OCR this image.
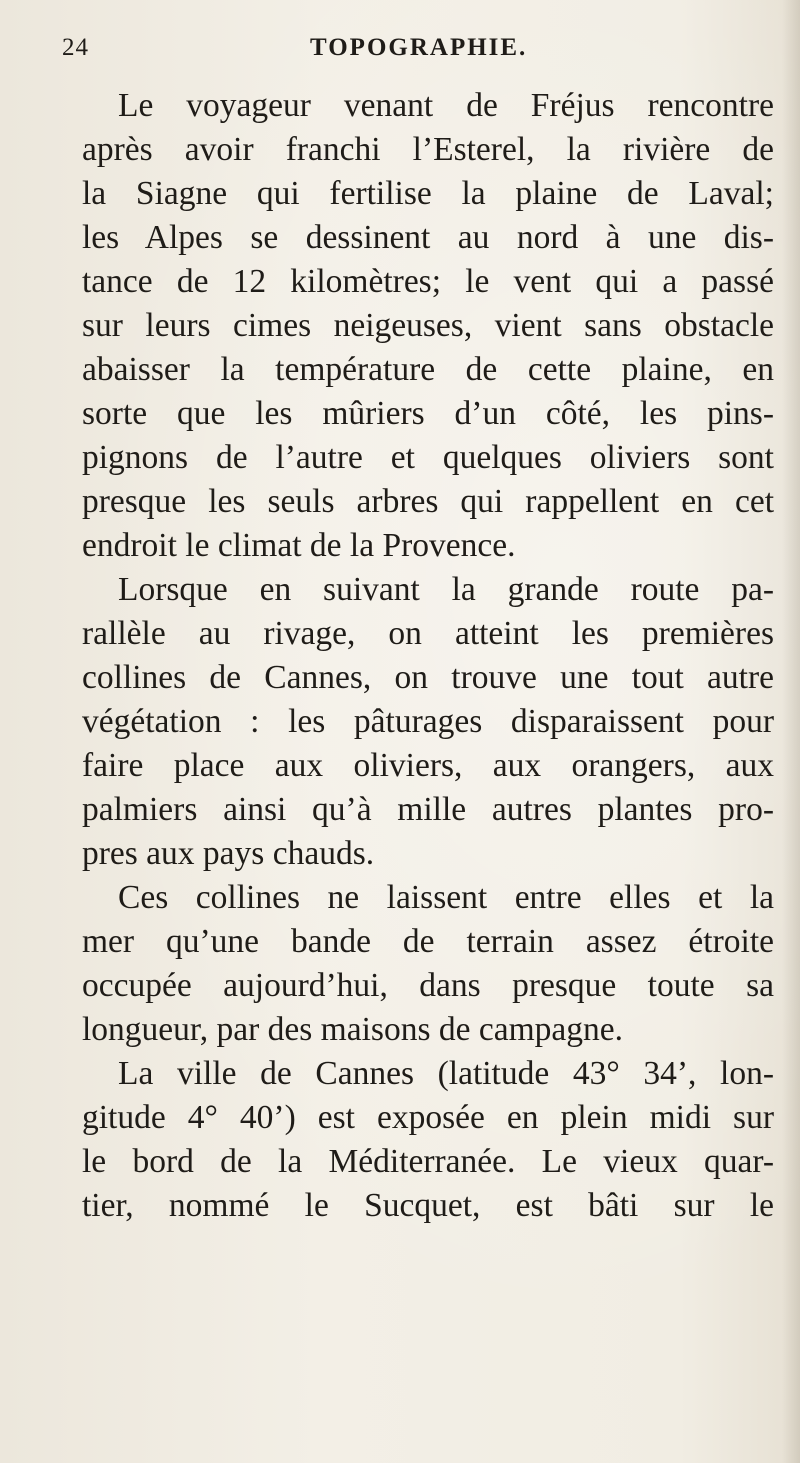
24	TOPOGRAPHIE.
Le voyageur venant de Fréjus rencontre
après avoir franchi l’Esterel, la rivière de
la Siagne qui fertilise la plaine de Laval;
les Alpes se dessinent au nord à une dis-
tance de 12 kilomètres; le vent qui a passé
sur leurs cimes neigeuses, vient sans obstacle
abaisser la température de cette plaine, en
sorte que les mûriers d’un côté, les pins-
pignons de l’autre et quelques oliviers sont
presque les seuls arbres qui rappellent en cet
endroit le climat de la Provence.
Lorsque en suivant la grande route pa-
rallèle au rivage, on atteint les premières
collines de Cannes, on trouve une tout autre
végétation : les pâturages disparaissent pour
faire place aux oliviers, aux orangers, aux
palmiers ainsi qu’à mille autres plantes pro-
pres aux pays chauds.
Ces collines ne laissent entre elles et la
mer qu’une bande de terrain assez étroite
occupée aujourd’hui, dans presque toute sa
longueur, par des maisons de campagne.
La ville de Cannes (latitude 43° 34’, lon-
gitude 4° 40’) est exposée en plein midi sur
le bord de la Méditerranée. Le vieux quar-
tier, nommé le Sucquet, est bâti sur le
